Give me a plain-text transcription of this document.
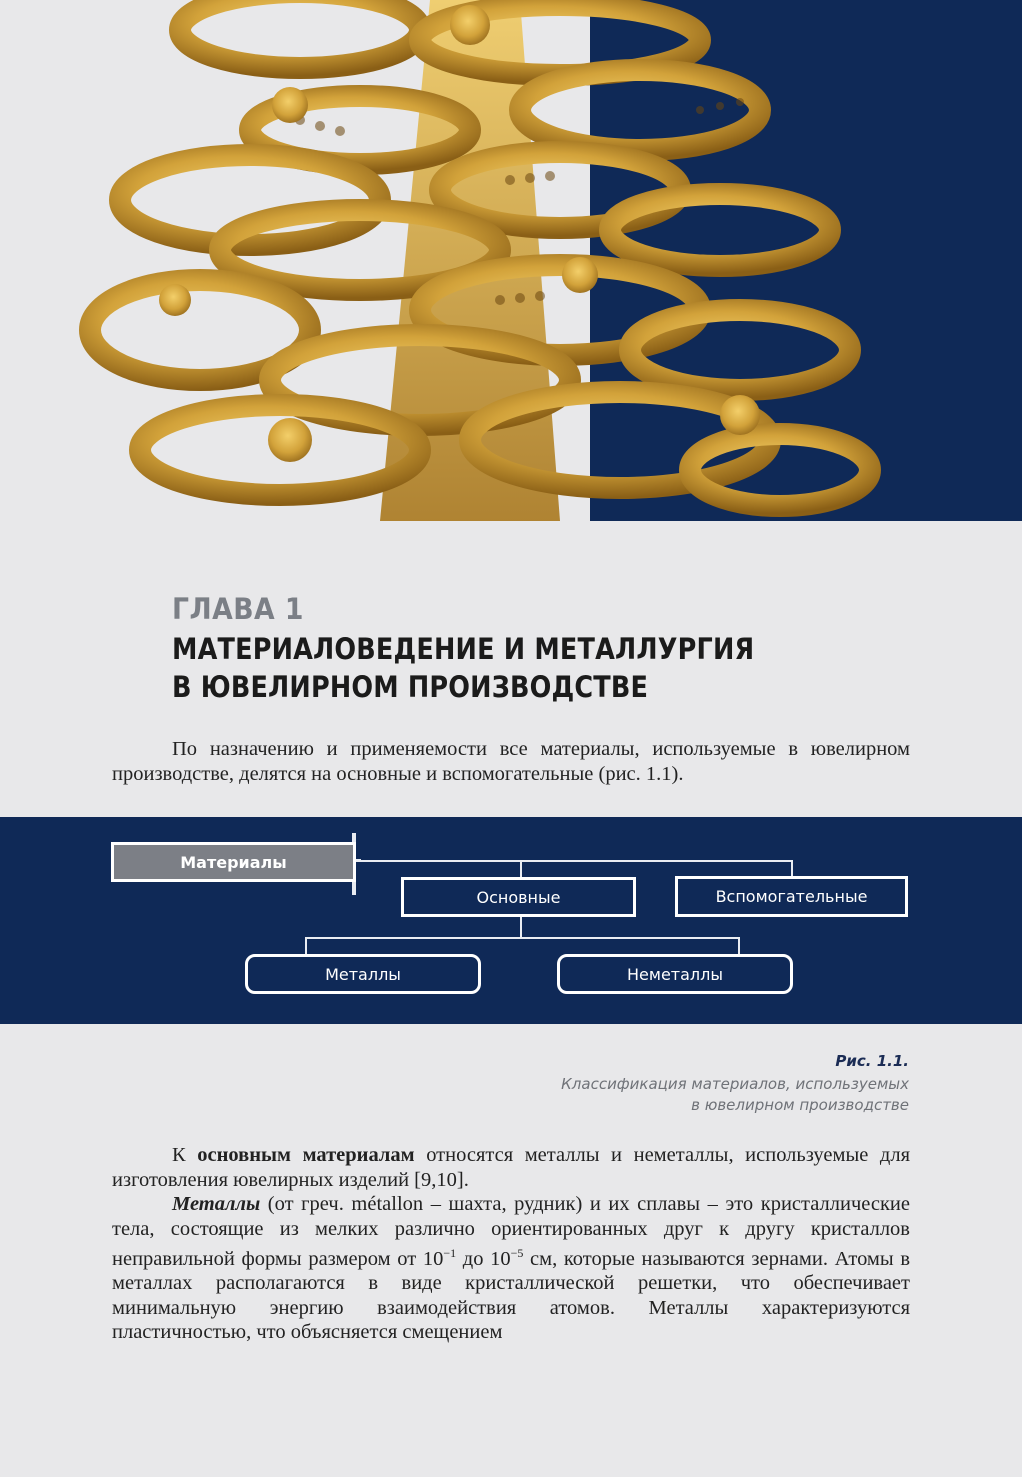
ГЛАВА 1
МАТЕРИАЛОВЕДЕНИЕ И МЕТАЛЛУРГИЯ
В ЮВЕЛИРНОМ ПРОИЗВОДСТВЕ

По назначению и применяемости все материалы, используемые в ювелирном производстве, делятся на основные и вспомогательные (рис. 1.1).

Материалы
Основные	Вспомогательные
Металлы	Неметаллы
Рис. 1.1.
Классификация материалов, используемых
в ювелирном производстве

К основным материалам относятся металлы и неметаллы, используемые для изготовления ювелирных изделий [9,10].

Металлы (от греч. métallon – шахта, рудник) и их сплавы – это кристаллические тела, состоящие из мелких различно ориентированных друг к другу кристаллов неправильной формы размером от $10^{-1}$ до $10^{-5}$ см, которые называются зернами. Атомы в металлах располагаются в виде кристаллической решетки, что обеспечивает минимальную энергию взаимодействия атомов. Металлы характеризуются пластичностью, что объясняется смещением
